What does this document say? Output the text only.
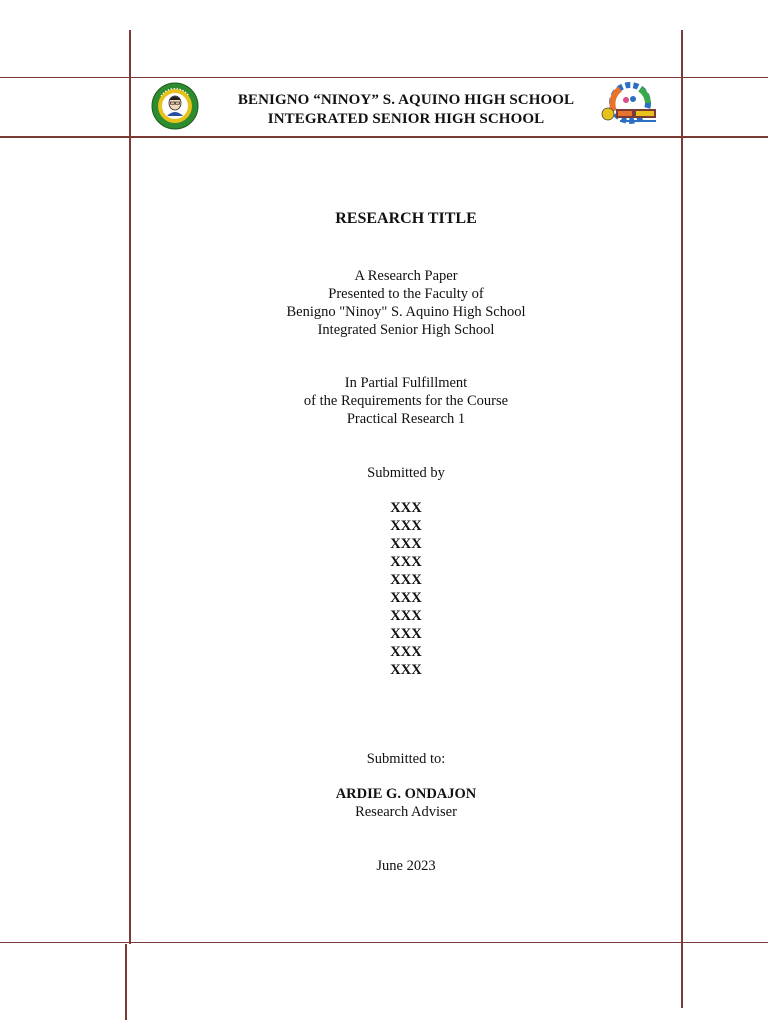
BENIGNO “NINOY” S. AQUINO HIGH SCHOOL
INTEGRATED SENIOR HIGH SCHOOL
RESEARCH TITLE
A Research Paper
Presented to the Faculty of
Benigno "Ninoy" S. Aquino High School
Integrated Senior High School
In Partial Fulfillment
of the Requirements for the Course
Practical Research 1
Submitted by
XXX
XXX
XXX
XXX
XXX
XXX
XXX
XXX
XXX
XXX
Submitted to:
ARDIE G. ONDAJON
Research Adviser
June 2023
